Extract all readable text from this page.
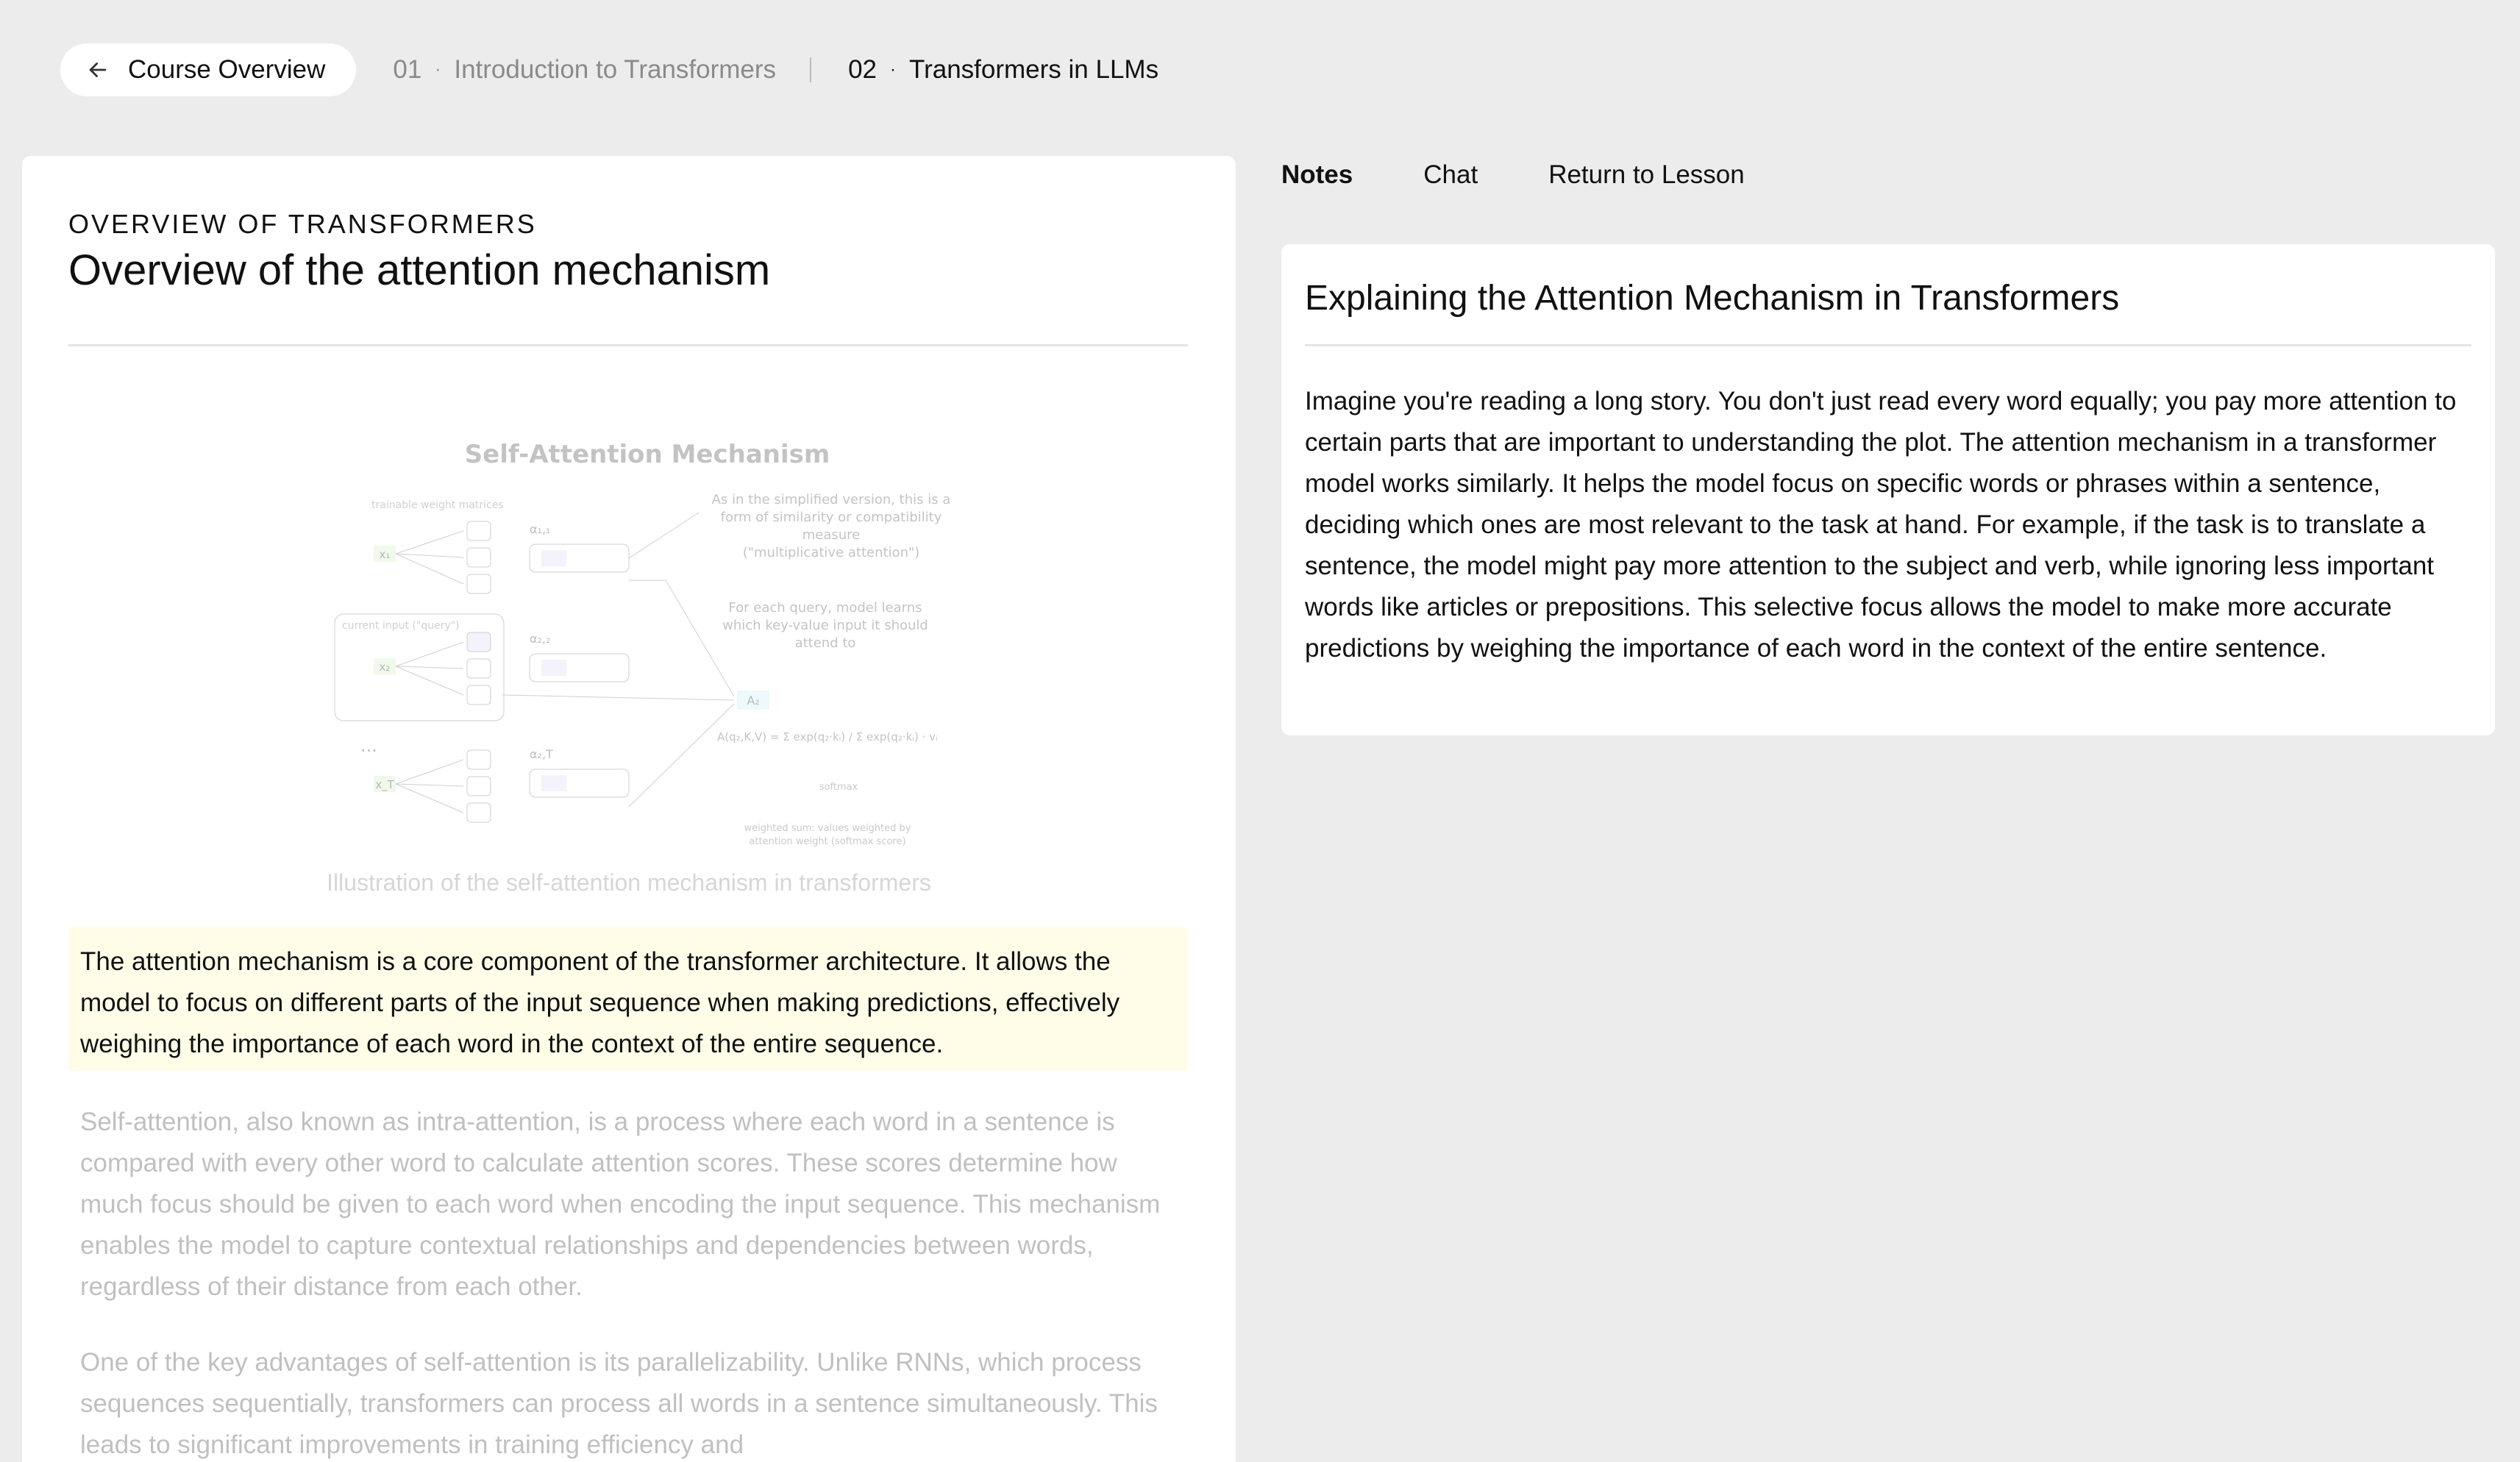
Course Overview	01 · Introduction to Transformers	02 · Transformers in LLMs
OVERVIEW OF TRANSFORMERS
Overview of the attention mechanism
Self-Attention Mechanism
trainable weight matrices	As in the simplified version, this is a
form of similarity or compatibility
measure
("multiplicative attention")
x₁
α₁,₁
current input ("query")
x₂
α₂,₂
For each query, model learns
which key-value input it should
attend to
A₂
A(q₂,K,V) = Σ exp(q₂·kᵢ) / Σ exp(q₂·kᵢ) · vᵢ
softmax
···
x_T
α₂,T
weighted sum: values weighted by
attention weight (softmax score)
Illustration of the self-attention mechanism in transformers
The attention mechanism is a core component of the transformer architecture. It allows the model to focus on different parts of the input sequence when making predictions, effectively weighing the importance of each word in the context of the entire sequence.
Self-attention, also known as intra-attention, is a process where each word in a sentence is compared with every other word to calculate attention scores. These scores determine how much focus should be given to each word when encoding the input sequence. This mechanism enables the model to capture contextual relationships and dependencies between words, regardless of their distance from each other.
One of the key advantages of self-attention is its parallelizability. Unlike RNNs, which process sequences sequentially, transformers can process all words in a sentence simultaneously. This leads to significant improvements in training efficiency and
Notes	Chat	Return to Lesson
Explaining the Attention Mechanism in Transformers
Imagine you're reading a long story. You don't just read every word equally; you pay more attention to certain parts that are important to understanding the plot. The attention mechanism in a transformer model works similarly. It helps the model focus on specific words or phrases within a sentence, deciding which ones are most relevant to the task at hand. For example, if the task is to translate a sentence, the model might pay more attention to the subject and verb, while ignoring less important words like articles or prepositions. This selective focus allows the model to make more accurate predictions by weighing the importance of each word in the context of the entire sentence.
